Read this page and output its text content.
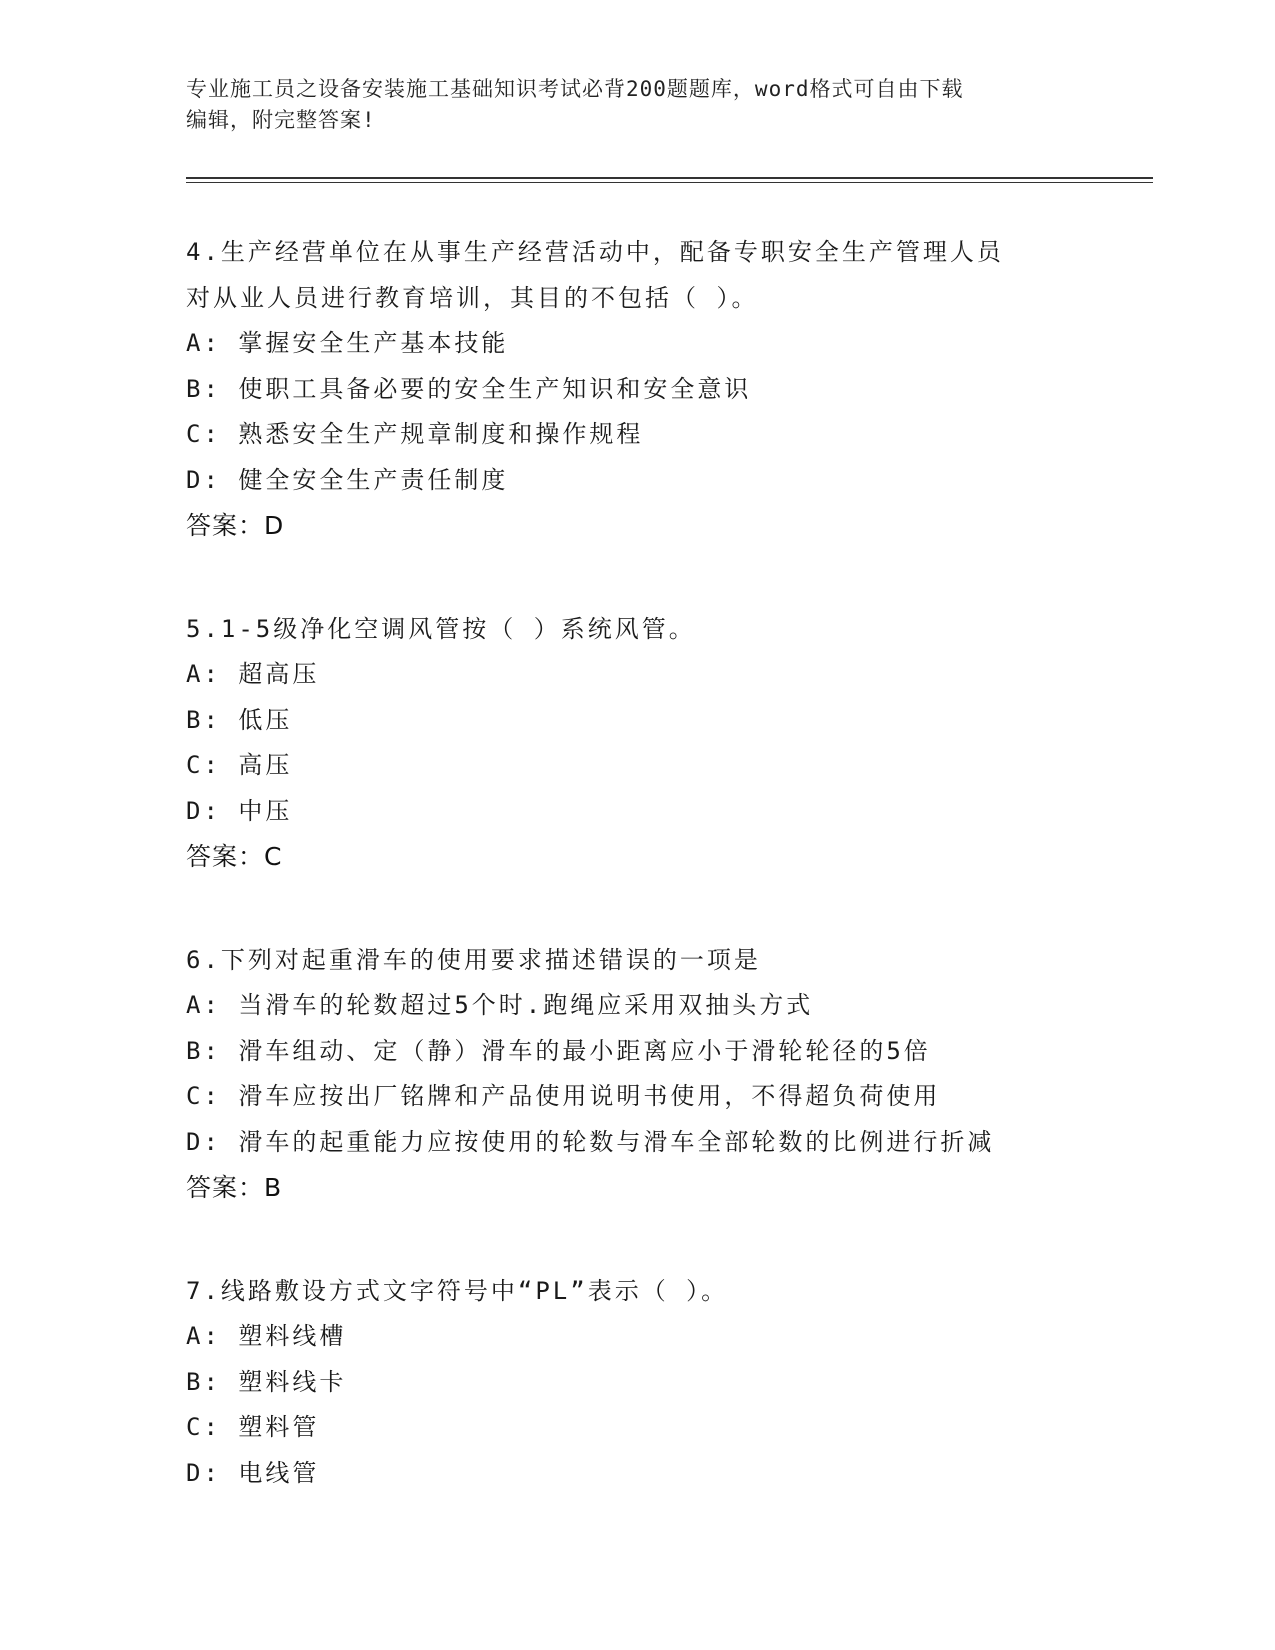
专业施工员之设备安装施工基础知识考试必背200题题库，word格式可自由下载
编辑，附完整答案!

4.生产经营单位在从事生产经营活动中，配备专职安全生产管理人员

对从业人员进行教育培训，其目的不包括（ ）。

A: 掌握安全生产基本技能

B: 使职工具备必要的安全生产知识和安全意识

C: 熟悉安全生产规章制度和操作规程

D: 健全安全生产责任制度

答案：D

5.1-5级净化空调风管按（ ）系统风管。

A: 超高压

B: 低压

C: 高压

D: 中压

答案：C

6.下列对起重滑车的使用要求描述错误的一项是

A: 当滑车的轮数超过5个时.跑绳应采用双抽头方式

B: 滑车组动、定（静）滑车的最小距离应小于滑轮轮径的5倍

C: 滑车应按出厂铭牌和产品使用说明书使用，不得超负荷使用

D: 滑车的起重能力应按使用的轮数与滑车全部轮数的比例进行折减

答案：B

7.线路敷设方式文字符号中“PL”表示（ ）。

A: 塑料线槽

B: 塑料线卡

C: 塑料管

D: 电线管
